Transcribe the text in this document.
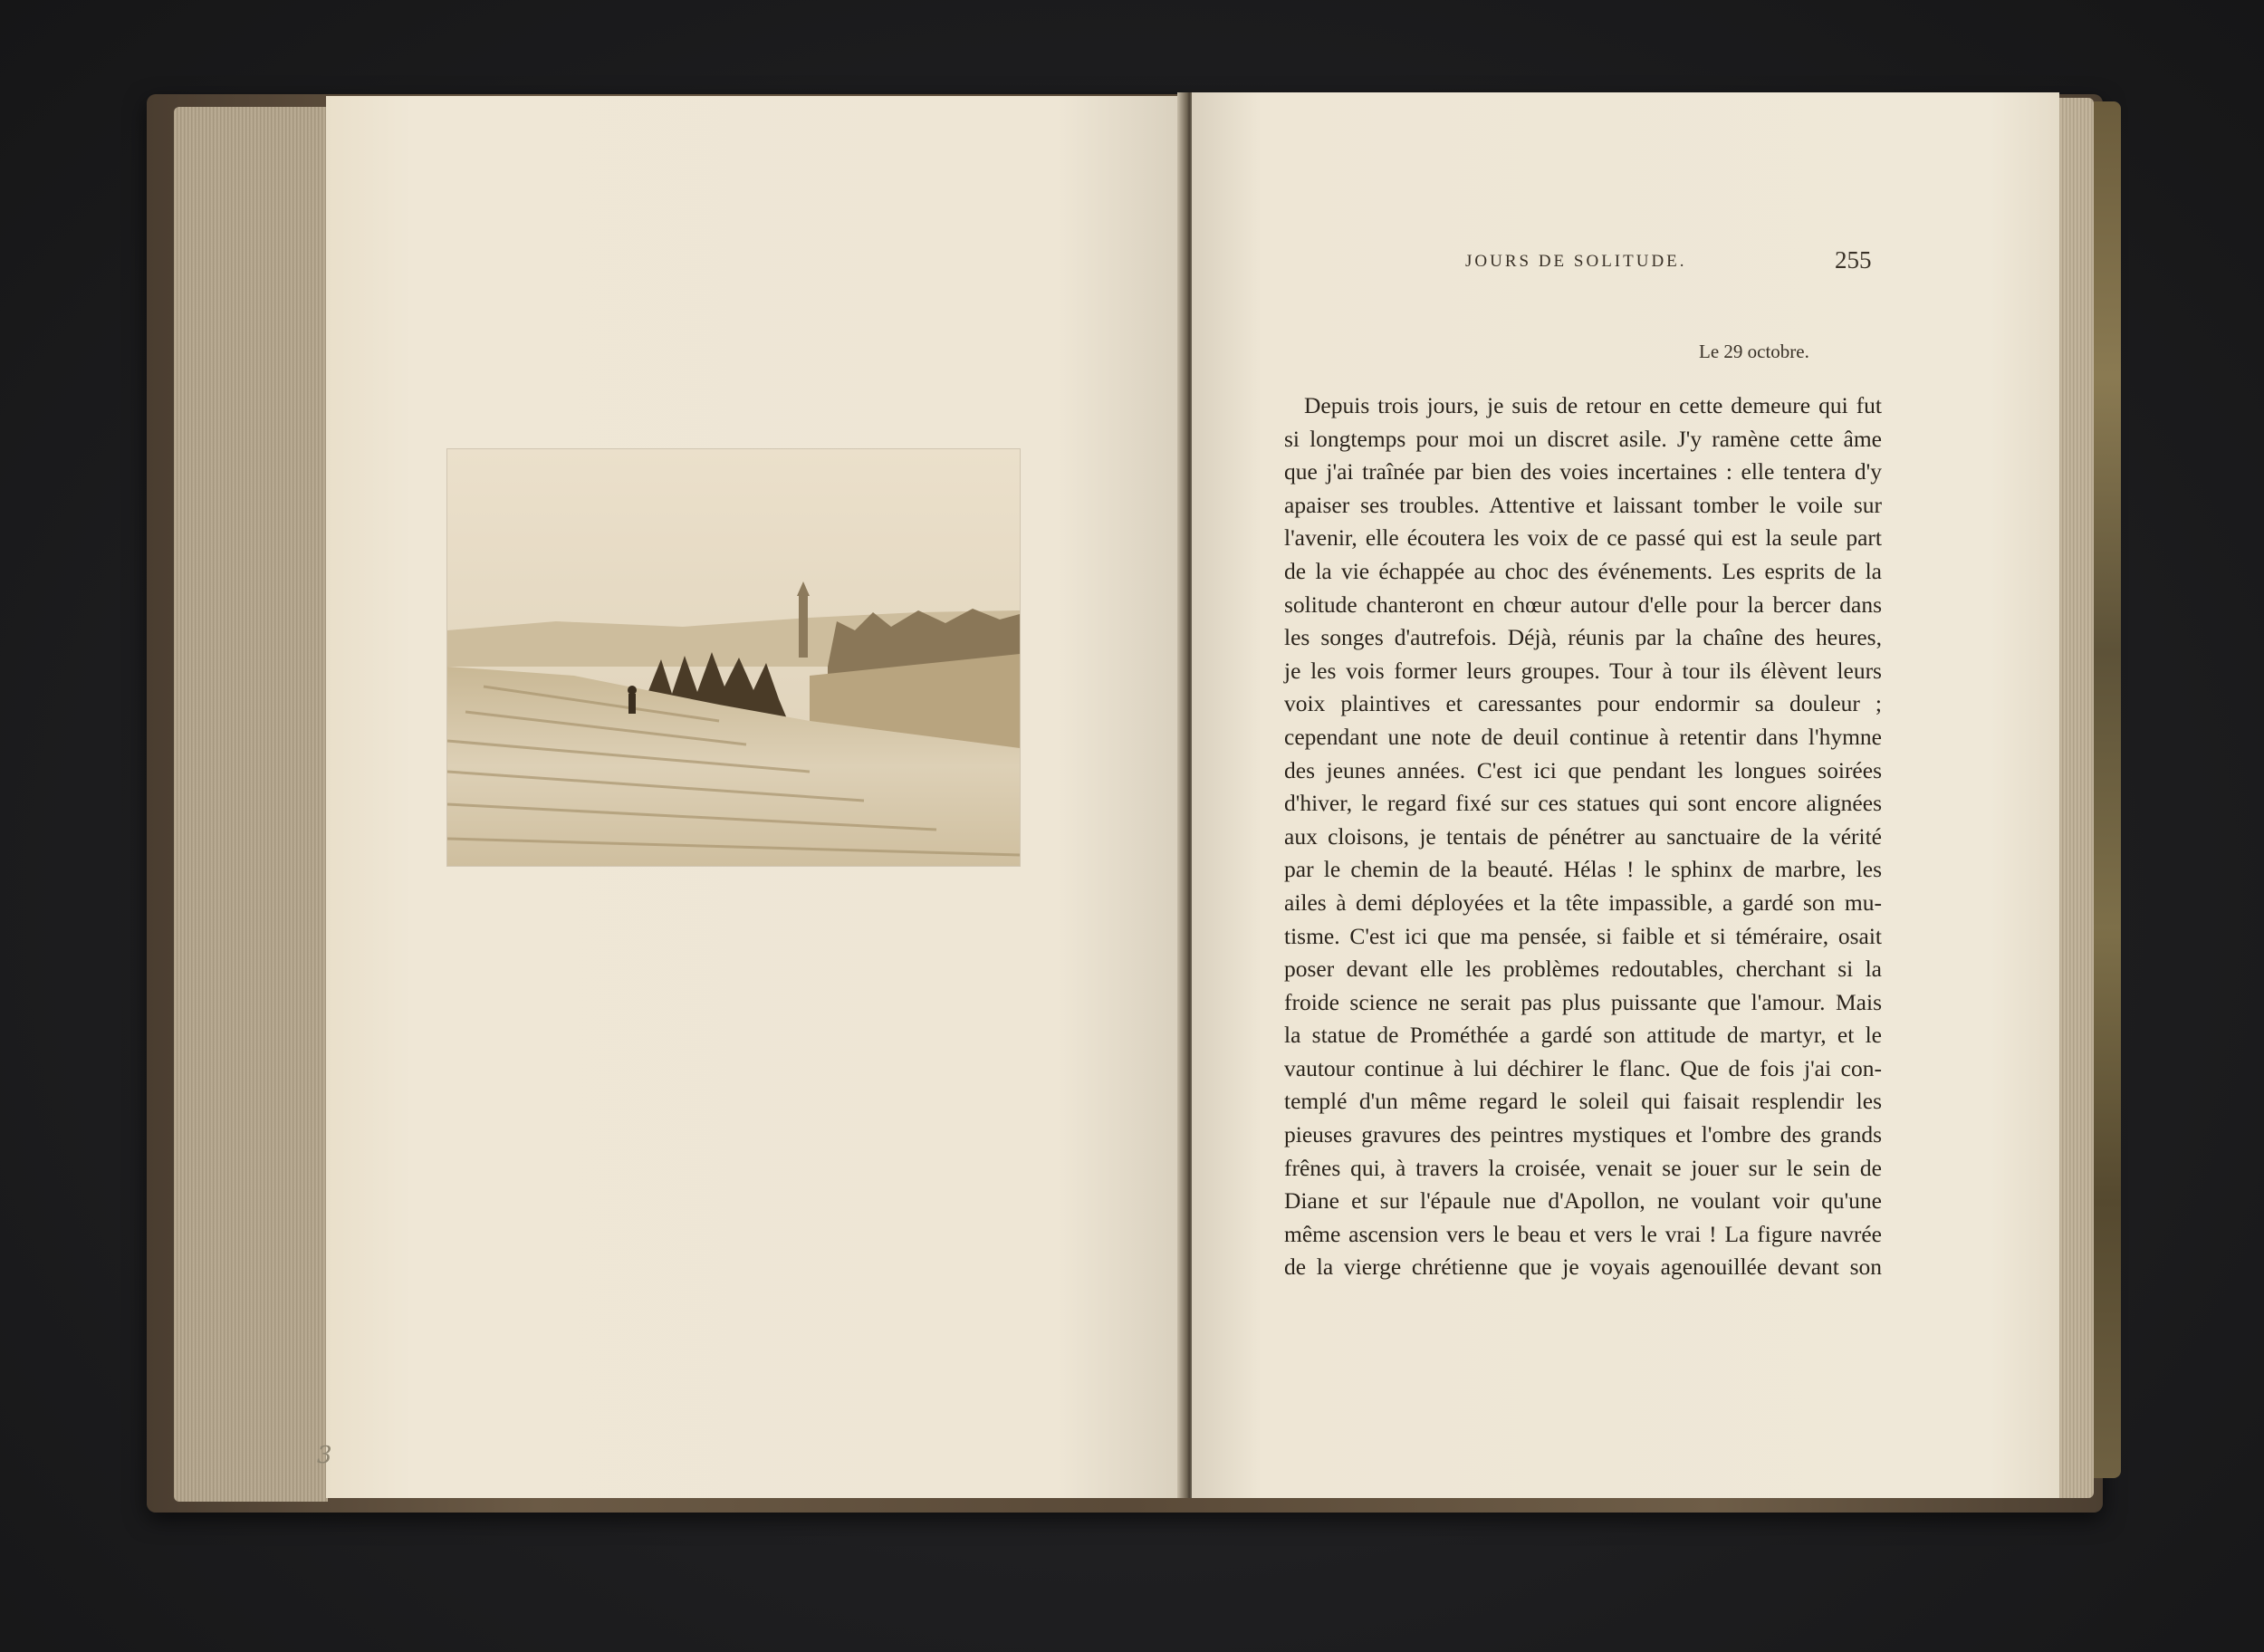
3
JOURS DE SOLITUDE.	255
Le 29 octobre.
Depuis trois jours, je suis de retour en cette demeure qui fut
si longtemps pour moi un discret asile. J'y ramène cette âme
que j'ai traînée par bien des voies incertaines : elle tentera d'y
apaiser ses troubles. Attentive et laissant tomber le voile sur
l'avenir, elle écoutera les voix de ce passé qui est la seule part
de la vie échappée au choc des événements. Les esprits de la
solitude chanteront en chœur autour d'elle pour la bercer dans
les songes d'autrefois. Déjà, réunis par la chaîne des heures,
je les vois former leurs groupes. Tour à tour ils élèvent leurs
voix plaintives et caressantes pour endormir sa douleur ;
cependant une note de deuil continue à retentir dans l'hymne
des jeunes années. C'est ici que pendant les longues soirées
d'hiver, le regard fixé sur ces statues qui sont encore alignées
aux cloisons, je tentais de pénétrer au sanctuaire de la vérité
par le chemin de la beauté. Hélas ! le sphinx de marbre, les
ailes à demi déployées et la tête impassible, a gardé son mu-
tisme. C'est ici que ma pensée, si faible et si téméraire, osait
poser devant elle les problèmes redoutables, cherchant si la
froide science ne serait pas plus puissante que l'amour. Mais
la statue de Prométhée a gardé son attitude de martyr, et le
vautour continue à lui déchirer le flanc. Que de fois j'ai con-
templé d'un même regard le soleil qui faisait resplendir les
pieuses gravures des peintres mystiques et l'ombre des grands
frênes qui, à travers la croisée, venait se jouer sur le sein de
Diane et sur l'épaule nue d'Apollon, ne voulant voir qu'une
même ascension vers le beau et vers le vrai ! La figure navrée
de la vierge chrétienne que je voyais agenouillée devant son
